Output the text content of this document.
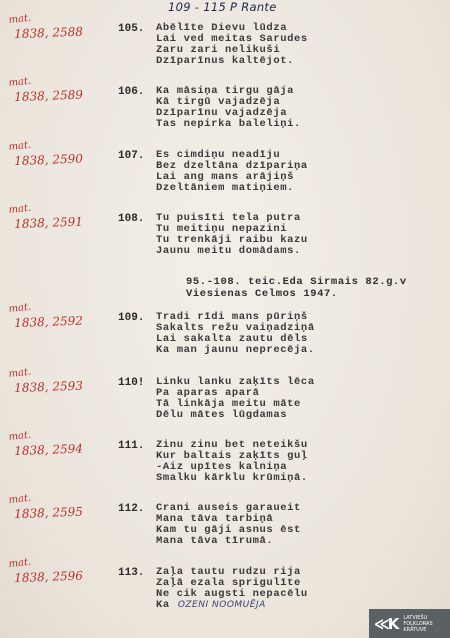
109 - 115 P Rante
mat.
1838, 2588	105. Abēlīte Dievu lūdza
Lai ved meitas Sarudes
Zaru zari nelikuši
Dzīparīnus kaltējot.
mat.
1838, 2589	106. Ka māsiņa tirgu gāja
Kā tirgū vajadzēja
Dzīparīnu vajadzēja
Tas nepirka baleliņi.
mat.
1838, 2590	107. Es cimdiņu neadīju
Bez dzeltāna dzīpariņa
Lai ang mans arājiņš
Dzeltāniem matiņiem.
mat.
1838, 2591	108. Tu puisīti tela putra
Tu meitiņu nepazini
Tu trenkāji raibu kazu
Jaunu meitu domādams.
mat.
1838, 2592	109. Tradi rīdi mans pūriņš
Sakalts režu vaiņadziņā
Lai sakalta zautu dēls
Ka man jaunu neprecēja.
mat.
1838, 2593	110! Linku lanku zaķīts lēca
Pa aparas aparā
Tā linkāja meitu māte
Dēlu mātes lūgdamas
mat.
1838, 2594	111. Zinu zinu bet neteikšu
Kur baltais zaķīts guļ
-Aiz upītes kalniņa
Smalku kārklu krūmiņā.
mat.
1838, 2595	112. Crani auseis garaueit
Mana tāva tarbiņā
Kam tu gāji asnus ēst
Mana tāva tīrumā.
mat.
1838, 2596	113. Zaļa tautu rudzu rija
Zaļā ezala sprigulīte
Ne cik augsti nepacēlu
Ka OZENI NOOMUĒJA
95.-108. teic.Eda Sirmais 82.g.v
Viesienas Celmos 1947.
≪K LATVIEŠU
FOLKLORAS
KRĀTUVE
